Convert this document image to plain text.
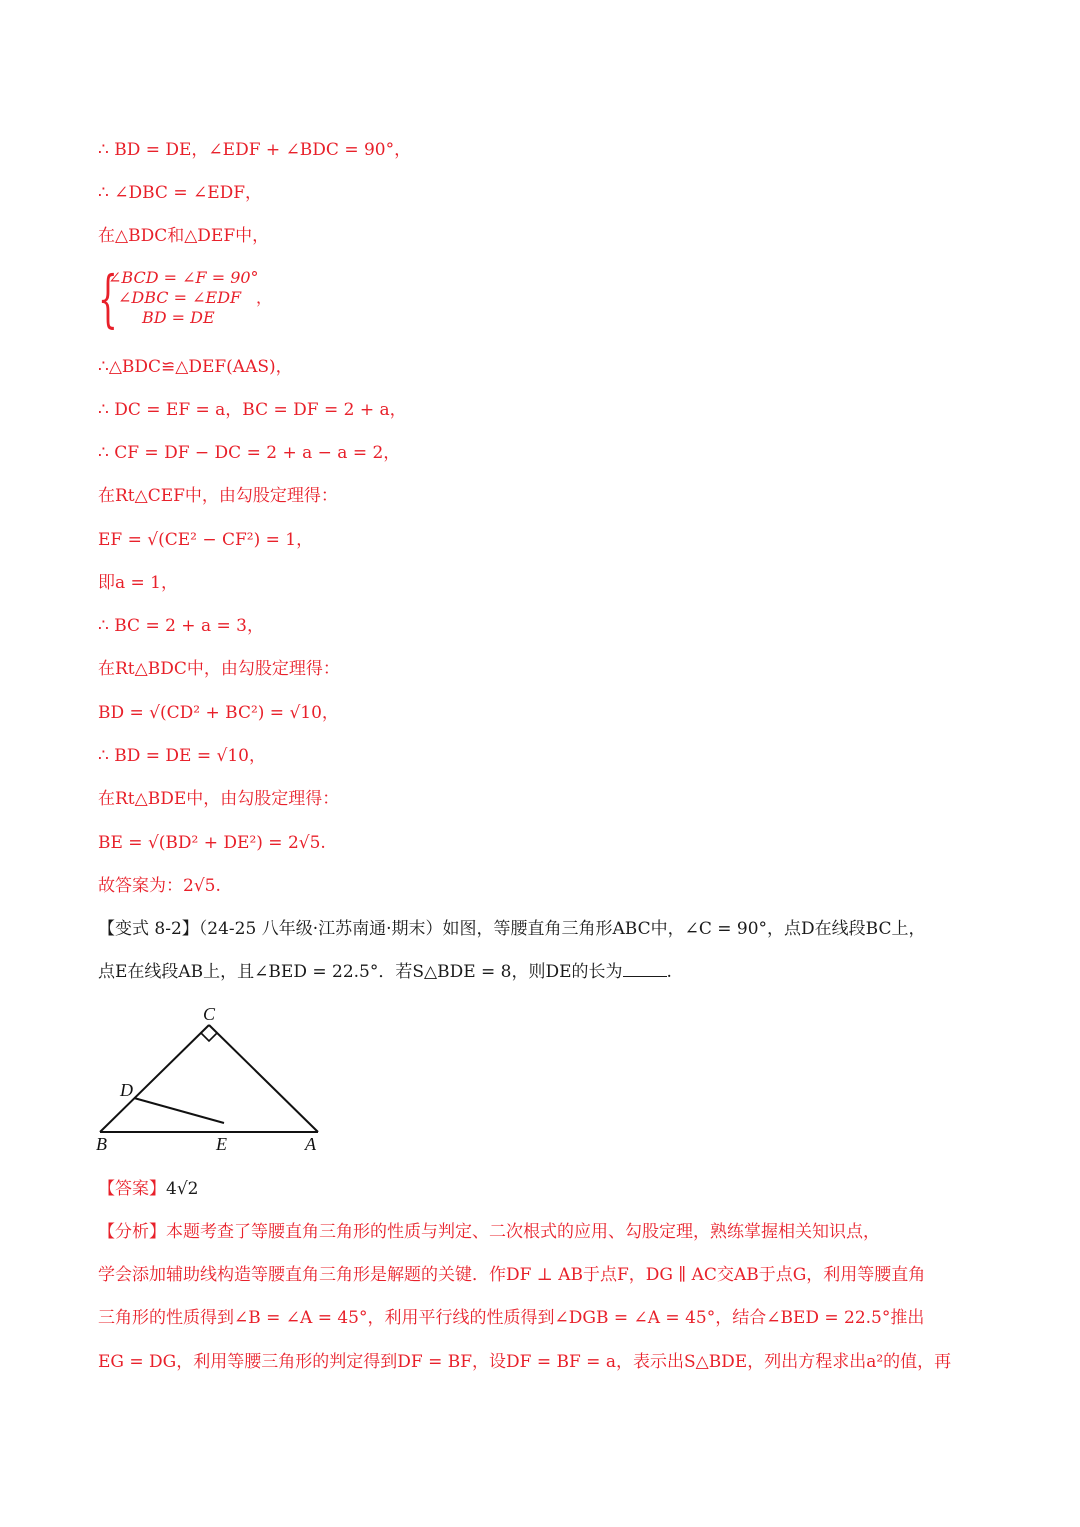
∴ BD = DE，∠EDF + ∠BDC = 90°，
∴ ∠DBC = ∠EDF，
在△BDC和△DEF中，
{
∠BCD = ∠F = 90°
∠DBC = ∠EDF
BD = DE
，
∴△BDC≌△DEF(AAS)，
∴ DC = EF = a，BC = DF = 2 + a，
∴ CF = DF − DC = 2 + a − a = 2，
在Rt△CEF中，由勾股定理得：
EF = √(CE² − CF²) = 1，
即a = 1，
∴ BC = 2 + a = 3，
在Rt△BDC中，由勾股定理得：
BD = √(CD² + BC²) = √10，
∴ BD = DE = √10，
在Rt△BDE中，由勾股定理得：
BE = √(BD² + DE²) = 2√5.
故答案为：2√5.
【变式 8-2】（24-25 八年级·江苏南通·期末）如图，等腰直角三角形ABC中，∠C = 90°，点D在线段BC上，
点E在线段AB上，且∠BED = 22.5°．若S△BDE = 8，则DE的长为	.
C
D
B	E	A
【答案】4√2
【分析】本题考查了等腰直角三角形的性质与判定、二次根式的应用、勾股定理，熟练掌握相关知识点，
学会添加辅助线构造等腰直角三角形是解题的关键．作DF ⊥ AB于点F，DG ∥ AC交AB于点G，利用等腰直角
三角形的性质得到∠B = ∠A = 45°，利用平行线的性质得到∠DGB = ∠A = 45°，结合∠BED = 22.5°推出
EG = DG，利用等腰三角形的判定得到DF = BF，设DF = BF = a，表示出S△BDE，列出方程求出a²的值，再
